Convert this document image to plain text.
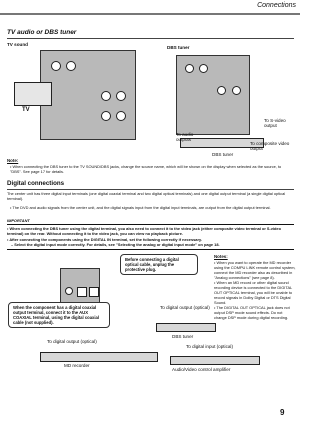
Connections
TV audio or DBS tuner
TV sound
DBS tuner
TV
To audio outputs
DBS tuner
To S-video output
To composite video output
Note:
• When connecting the DBS tuner to the TV SOUND/DBS jacks, change the source name, which will be shown on the display when selected as the source, to "DBS". See page 17 for details.
Digital connections
The center unit has three digital input terminals (one digital coaxial terminal and two digital optical terminals) and one digital output terminal (a single digital optical terminal).
• The DVD and audio signals from the center unit, and the digital signals input from the digital input terminals, are output from the digital output terminal.
IMPORTANT
• When connecting the DBS tuner using the digital terminal, you also need to connect it to the video jack (either composite video terminal or S-video terminal) on the rear. Without connecting it to the video jack, you can view no playback picture.
• After connecting the components using the DIGITAL IN terminal, set the following correctly if necessary.
– Select the digital input mode correctly. For details, see "Selecting the analog or digital input mode" on page 18.
Before connecting a digital optical cable, unplug the protective plug.
When the component has a digital coaxial output terminal, connect it to the AUX COAXIAL terminal, using the digital coaxial cable (not supplied).
To digital output (optical)
MD recorder
To digital output (optical)
DBS tuner
To digital input (optical)
Audio/Video control amplifier
Notes:
• When you want to operate the MD recorder using the COMPU LINK remote control system, connect the MD recorder also as described in "Analog connections" (see page 8).
• When an MD record or other digital sound recording device is connected to the DIGITAL OUT OPTICAL terminal, you will be unable to record signals in Dolby Digital or DTS Digital Sound.
• The DIGITAL OUT OPTICAL jack does not output DSP mode sound effects. Do not change DSP mode during digital recording.
9
